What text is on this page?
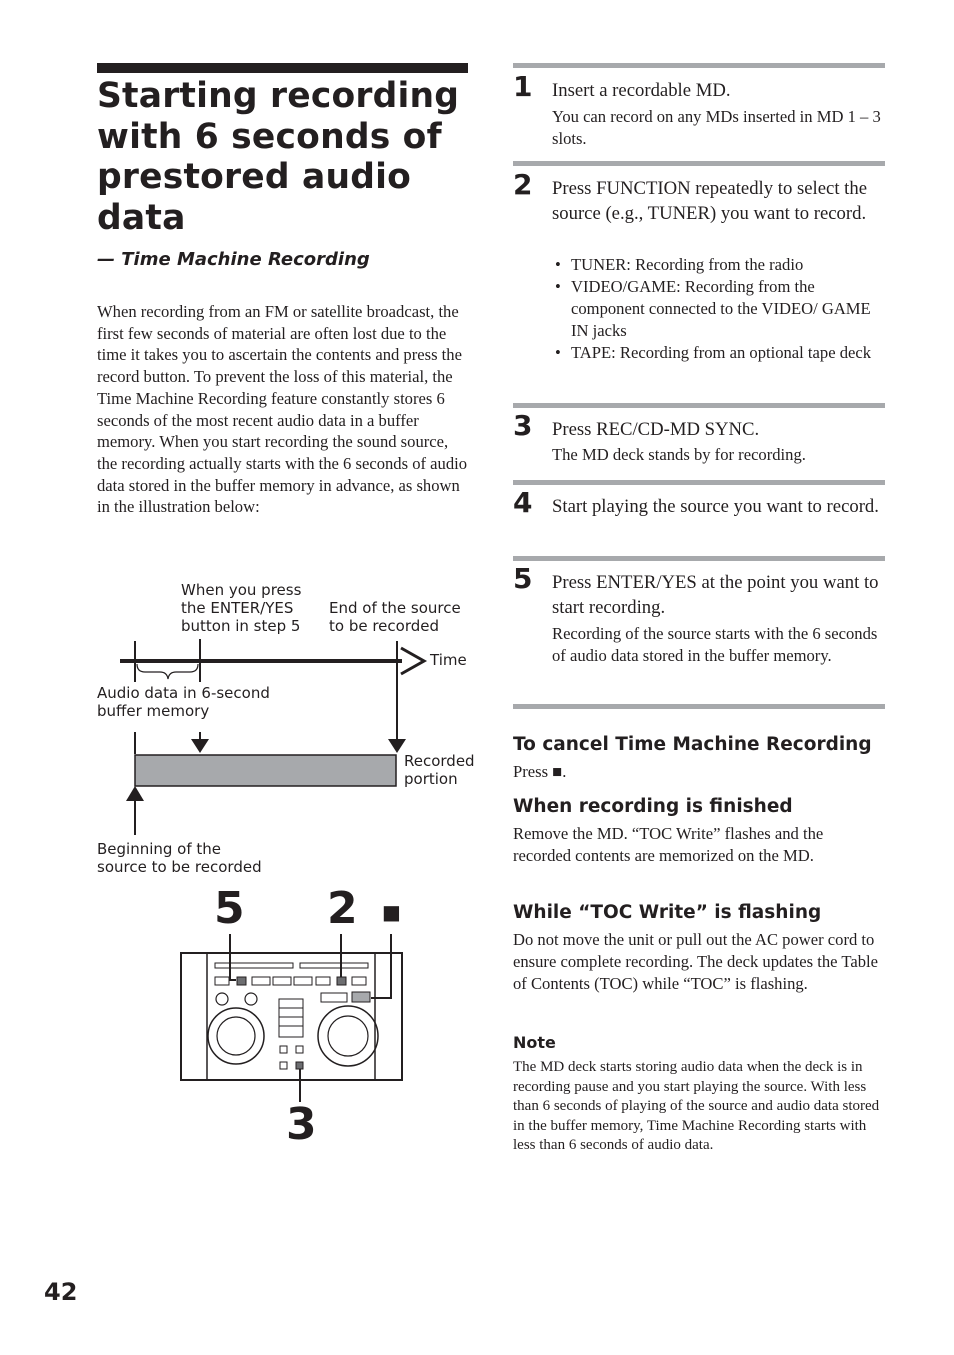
Starting recording with 6 seconds of prestored audio data
— Time Machine Recording
When recording from an FM or satellite broadcast, the first few seconds of material are often lost due to the time it takes you to ascertain the contents and press the record button. To prevent the loss of this material, the Time Machine Recording feature constantly stores 6 seconds of the most recent audio data in a buffer memory. When you start recording the sound source, the recording actually starts with the 6 seconds of audio data stored in the buffer memory in advance, as shown in the illustration below:
When you press
the ENTER/YES
button in step 5
End of the source
to be recorded
Time
Audio data in 6-second
buffer memory
Recorded
portion
Beginning of the
source to be recorded
5 2 ■
3
42
1 Insert a recordable MD.
You can record on any MDs inserted in MD 1 – 3 slots.
2 Press FUNCTION repeatedly to select the source (e.g., TUNER) you want to record.
• TUNER: Recording from the radio
• VIDEO/GAME: Recording from the component connected to the VIDEO/ GAME IN jacks
• TAPE: Recording from an optional tape deck
3 Press REC/CD-MD SYNC.
The MD deck stands by for recording.
4 Start playing the source you want to record.
5 Press ENTER/YES at the point you want to start recording.
Recording of the source starts with the 6 seconds of audio data stored in the buffer memory.
To cancel Time Machine Recording
Press ■.
When recording is finished
Remove the MD. “TOC Write” flashes and the recorded contents are memorized on the MD.
While “TOC Write” is flashing
Do not move the unit or pull out the AC power cord to ensure complete recording. The deck updates the Table of Contents (TOC) while “TOC” is flashing.
Note
The MD deck starts storing audio data when the deck is in recording pause and you start playing the source. With less than 6 seconds of playing of the source and audio data stored in the buffer memory, Time Machine Recording starts with less than 6 seconds of audio data.
